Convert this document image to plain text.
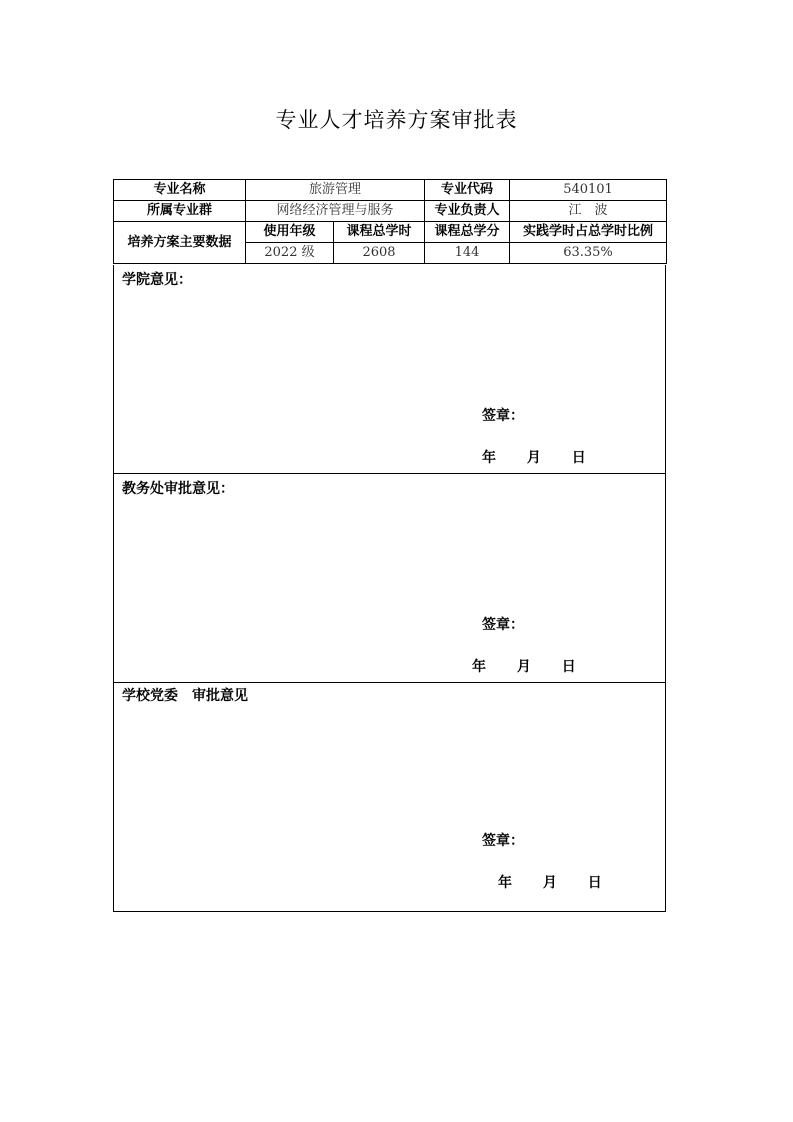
专业人才培养方案审批表
专业名称	旅游管理		专业代码	540101
所属专业群	网络经济管理与服务		专业负责人	江　波
培养方案主要数据	使用年级	课程总学时	课程总学分	实践学时占总学时比例
	2022 级	2608	144	63.35%
学院意见：
签章：
年 月 日
教务处审批意见：
签章：
年 月 日
学校党委　审批意见
签章：
年 月 日
